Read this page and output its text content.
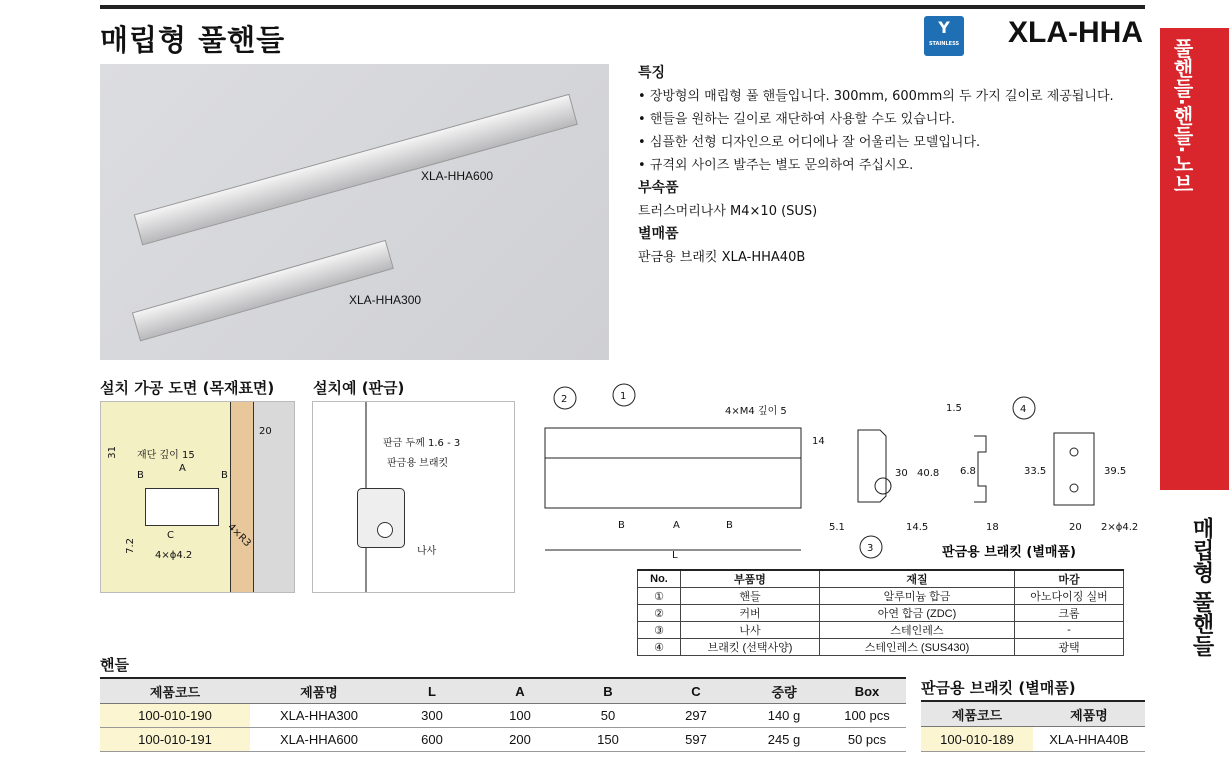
매립형 풀핸들	Y
STAINLESS XLA-HHA
풀핸들·핸들·노브
매립형 풀핸들
XLA-HHA600
XLA-HHA300
특징
• 장방형의 매립형 풀 핸들입니다. 300mm, 600mm의 두 가지 길이로 제공됩니다.
• 핸들을 원하는 길이로 재단하여 사용할 수도 있습니다.
• 심플한 선형 디자인으로 어디에나 잘 어울리는 모델입니다.
• 규격외 사이즈 발주는 별도 문의하여 주십시오.
부속품
트러스머리나사 M4×10 (SUS)
별매품
판금용 브래킷 XLA-HHA40B
설치 가공 도면 (목재표면)	설치예 (판금)
20
재단 깊이 15
31
B
A
B
C	4×R3
7.2
4×ϕ4.2
판금 두께 1.6 - 3
판금용 브래킷
나사
2	1
3
4
4×M4 깊이 5
14
L
B	A	B
30 40.8
5.1	14.5
1.5
6.8	33.5	39.5
18	20 2×ϕ4.2
판금용 브래킷 (별매품)
No.	부품명	재질	마감
①	핸들	알루미늄 합금	아노다이징 실버
②	커버	아연 합금 (ZDC)	크롬
③	나사	스테인레스	-
④	브래킷 (선택사양)	스테인레스 (SUS430)	광택
핸들
제품코드	제품명	L	A	B	C	중량	Box
100-010-190	XLA-HHA300	300	100	50	297	140 g	100 pcs
100-010-191	XLA-HHA600	600	200	150	597	245 g	50 pcs
판금용 브래킷 (별매품)
제품코드	제품명
100-010-189	XLA-HHA40B
